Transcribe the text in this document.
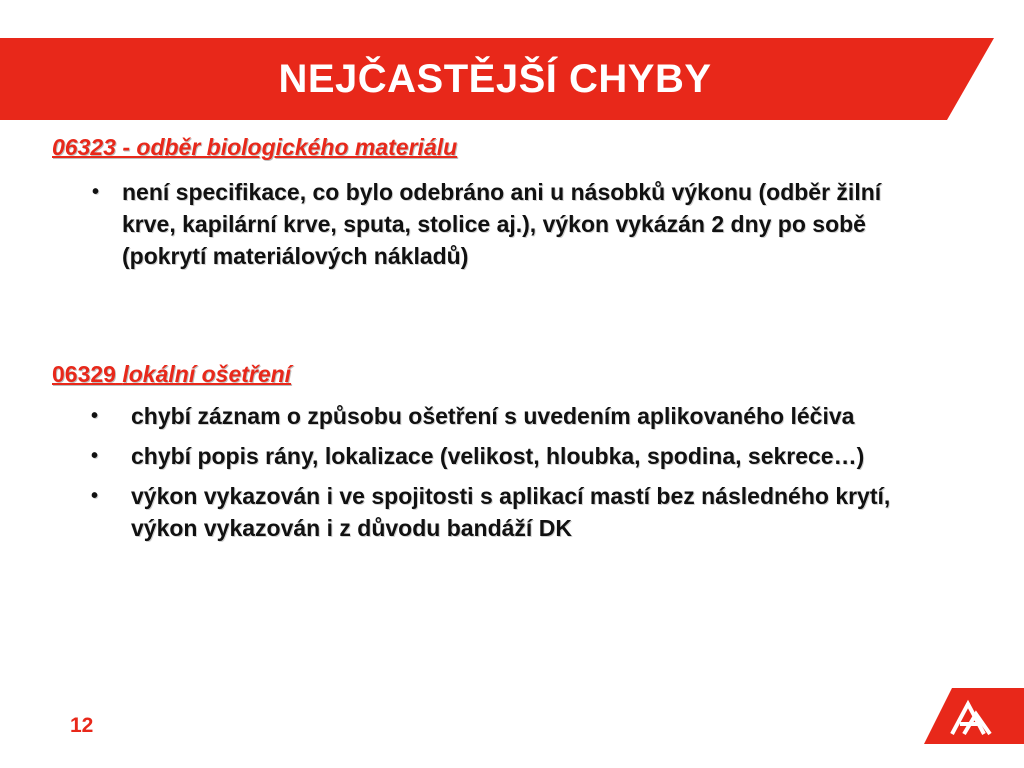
NEJČASTĚJŠÍ CHYBY
06323 - odběr biologického materiálu
• není specifikace, co bylo odebráno ani u násobků výkonu (odběr žilní krve, kapilární krve, sputa, stolice aj.), výkon vykázán 2 dny po sobě (pokrytí materiálových nákladů)
06329 lokální ošetření
• chybí záznam o způsobu ošetření s uvedením aplikovaného léčiva
• chybí popis rány, lokalizace (velikost, hloubka, spodina, sekrece…)
• výkon vykazován i ve spojitosti s aplikací mastí bez následného krytí, výkon vykazován i z důvodu bandáží DK
12
